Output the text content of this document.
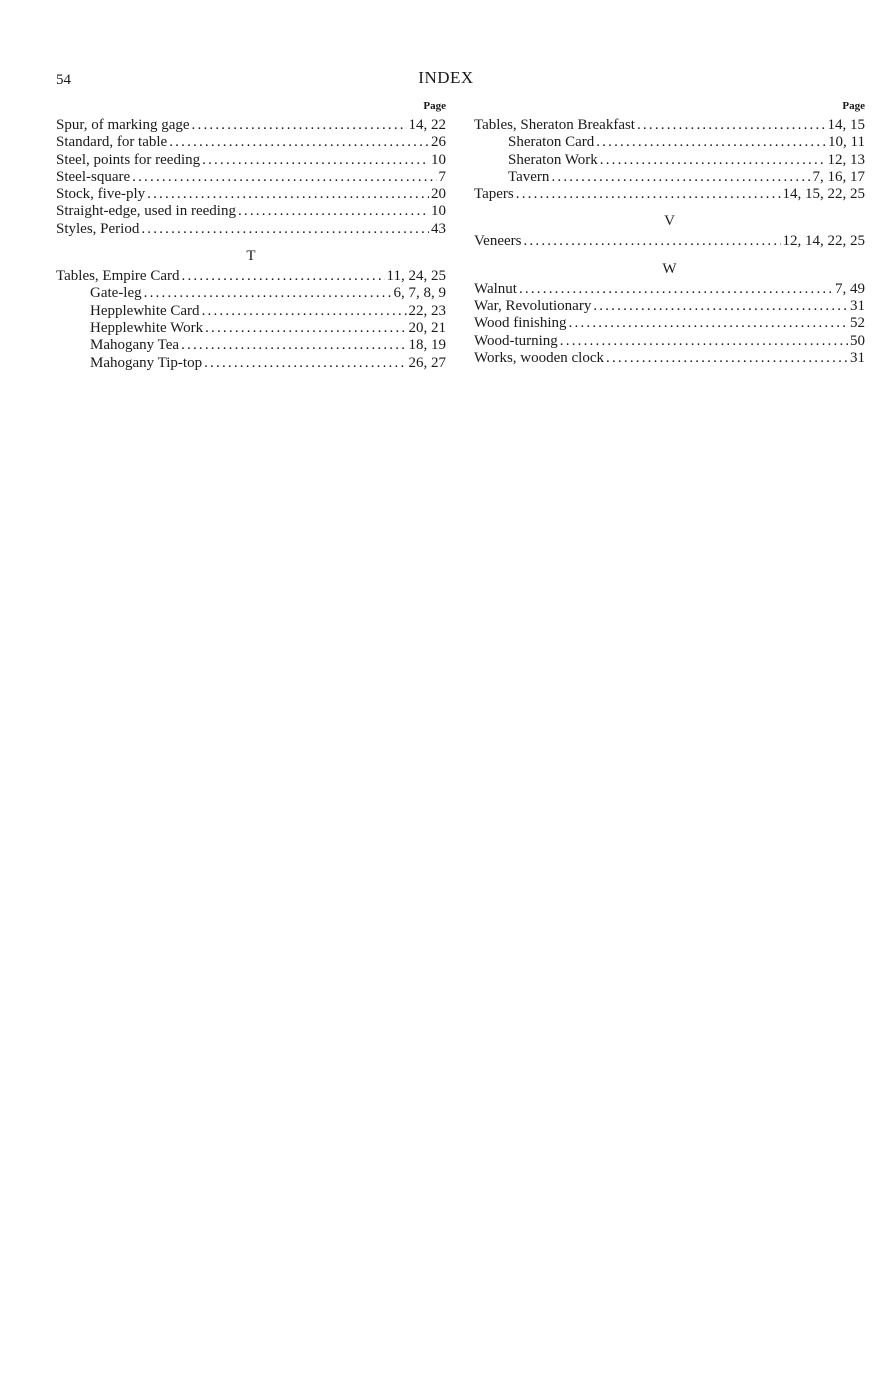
54	INDEX
Page
Spur, of marking gage .....	14, 22
Standard, for table .....	26
Steel, points for reeding .....	10
Steel-square .....	7
Stock, five-ply .....	20
Straight-edge, used in reeding .....	10
Styles, Period .....	43
T
Tables, Empire Card .....	11, 24, 25
Gate-leg .....	6, 7, 8, 9
Hepplewhite Card .....	22, 23
Hepplewhite Work .....	20, 21
Mahogany Tea .....	18, 19
Mahogany Tip-top .....	26, 27
Page
Tables, Sheraton Breakfast .....	14, 15
Sheraton Card .....	10, 11
Sheraton Work .....	12, 13
Tavern .....	7, 16, 17
Tapers .....	14, 15, 22, 25
V
Veneers .....	12, 14, 22, 25
W
Walnut .....	7, 49
War, Revolutionary .....	31
Wood finishing .....	52
Wood-turning .....	50
Works, wooden clock .....	31
